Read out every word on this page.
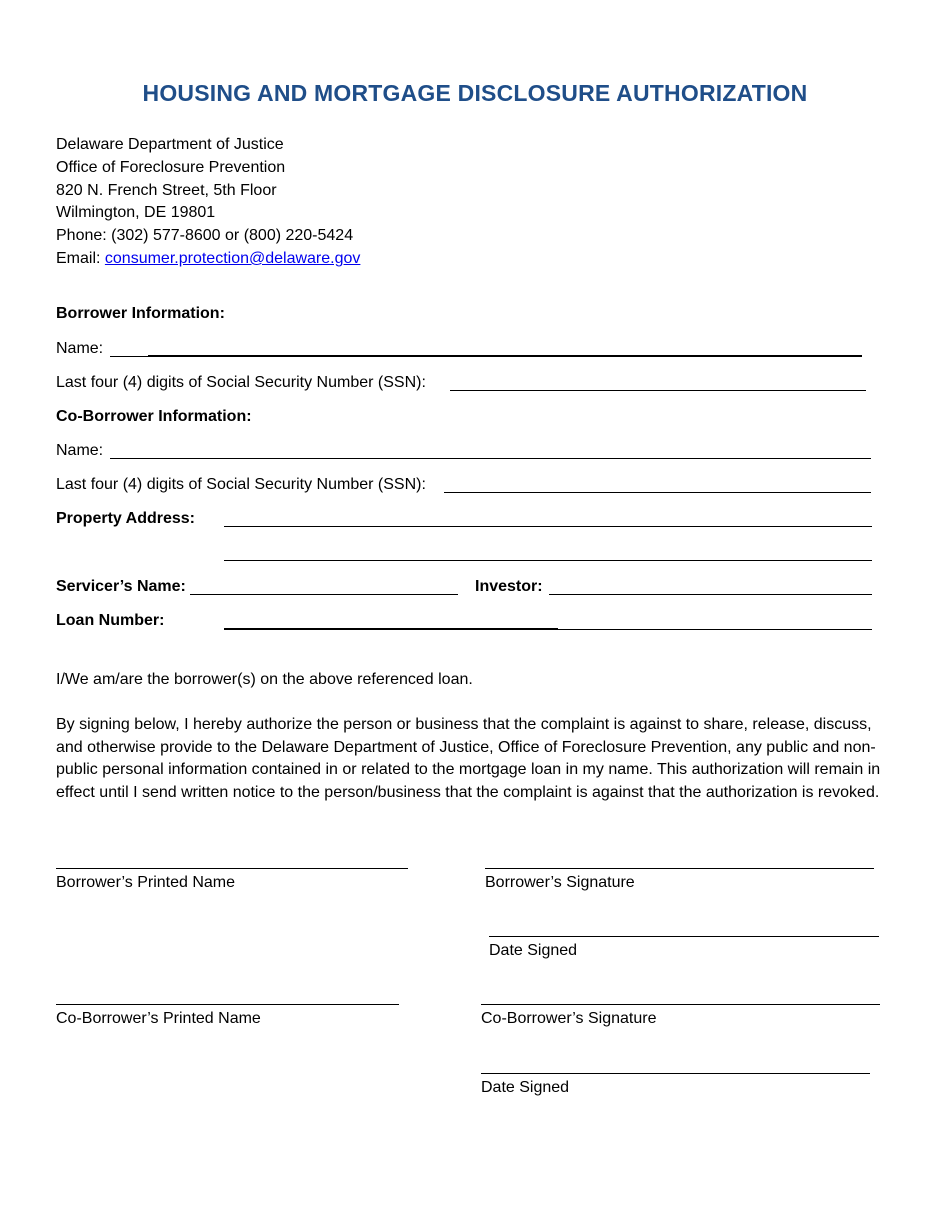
HOUSING AND MORTGAGE DISCLOSURE AUTHORIZATION
Delaware Department of Justice
Office of Foreclosure Prevention
820 N. French Street, 5th Floor
Wilmington, DE 19801
Phone: (302) 577-8600 or (800) 220-5424
Email: consumer.protection@delaware.gov
Borrower Information:
Name:
Last four (4) digits of Social Security Number (SSN):
Co-Borrower Information:
Name:
Last four (4) digits of Social Security Number (SSN):
Property Address:
Servicer’s Name:	Investor:
Loan Number:
I/We am/are the borrower(s) on the above referenced loan.
By signing below, I hereby authorize the person or business that the complaint is against to share, release, discuss, and otherwise provide to the Delaware Department of Justice, Office of Foreclosure Prevention, any public and non-public personal information contained in or related to the mortgage loan in my name. This authorization will remain in effect until I send written notice to the person/business that the complaint is against that the authorization is revoked.
Borrower’s Printed Name	Borrower’s Signature
Date Signed
Co-Borrower’s Printed Name	Co-Borrower’s Signature
Date Signed
